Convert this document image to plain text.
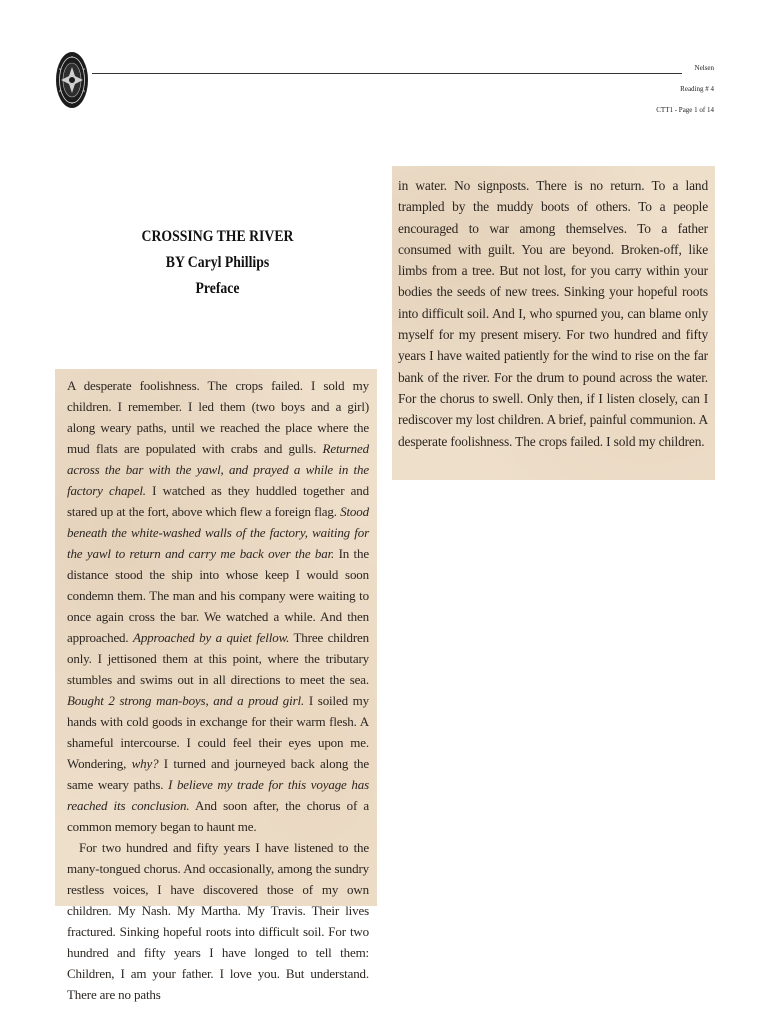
Nelsen
Reading # 4
CTT1 - Page 1 of 14
CROSSING THE RIVER
BY Caryl Phillips
Preface

A desperate foolishness. The crops failed. I sold my children. I remember. I led them (two boys and a girl) along weary paths, until we reached the place where the mud flats are populated with crabs and gulls. Returned across the bar with the yawl, and prayed a while in the factory chapel. I watched as they huddled together and stared up at the fort, above which flew a foreign flag. Stood beneath the white-washed walls of the factory, waiting for the yawl to return and carry me back over the bar. In the distance stood the ship into whose keep I would soon condemn them. The man and his company were waiting to once again cross the bar. We watched a while. And then approached. Approached by a quiet fellow. Three children only. I jettisoned them at this point, where the tributary stumbles and swims out in all directions to meet the sea. Bought 2 strong man-boys, and a proud girl. I soiled my hands with cold goods in exchange for their warm flesh. A shameful intercourse. I could feel their eyes upon me. Wondering, why? I turned and journeyed back along the same weary paths. I believe my trade for this voyage has reached its conclusion. And soon after, the chorus of a common memory began to haunt me.

For two hundred and fifty years I have listened to the many-tongued chorus. And occasionally, among the sundry restless voices, I have discovered those of my own children. My Nash. My Martha. My Travis. Their lives fractured. Sinking hopeful roots into difficult soil. For two hundred and fifty years I have longed to tell them: Children, I am your father. I love you. But understand. There are no paths

in water. No signposts. There is no return. To a land trampled by the muddy boots of others. To a people encouraged to war among themselves. To a father consumed with guilt. You are beyond. Broken-off, like limbs from a tree. But not lost, for you carry within your bodies the seeds of new trees. Sinking your hopeful roots into difficult soil. And I, who spurned you, can blame only myself for my present misery. For two hundred and fifty years I have waited patiently for the wind to rise on the far bank of the river. For the drum to pound across the water. For the chorus to swell. Only then, if I listen closely, can I rediscover my lost children. A brief, painful communion. A desperate foolishness. The crops failed. I sold my children.
